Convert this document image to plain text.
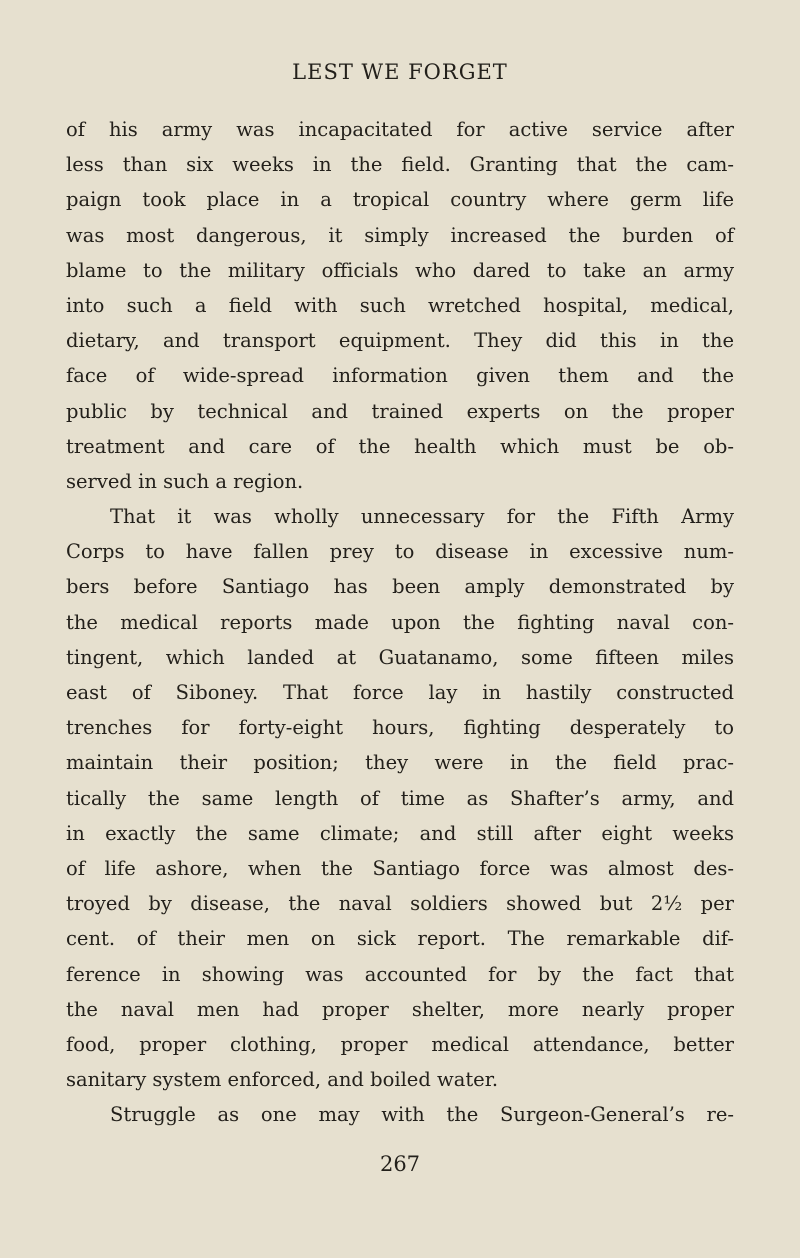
LEST WE FORGET
of his army was incapacitated for active service after
less than six weeks in the field. Granting that the cam-
paign took place in a tropical country where germ life
was most dangerous, it simply increased the burden of
blame to the military officials who dared to take an army
into such a field with such wretched hospital, medical,
dietary, and transport equipment. They did this in the
face of wide-spread information given them and the
public by technical and trained experts on the proper
treatment and care of the health which must be ob-
served in such a region.
That it was wholly unnecessary for the Fifth Army
Corps to have fallen prey to disease in excessive num-
bers before Santiago has been amply demonstrated by
the medical reports made upon the fighting naval con-
tingent, which landed at Guatanamo, some fifteen miles
east of Siboney. That force lay in hastily constructed
trenches for forty-eight hours, fighting desperately to
maintain their position; they were in the field prac-
tically the same length of time as Shafter’s army, and
in exactly the same climate; and still after eight weeks
of life ashore, when the Santiago force was almost des-
troyed by disease, the naval soldiers showed but 2½ per
cent. of their men on sick report. The remarkable dif-
ference in showing was accounted for by the fact that
the naval men had proper shelter, more nearly proper
food, proper clothing, proper medical attendance, better
sanitary system enforced, and boiled water.
Struggle as one may with the Surgeon-General’s re-
267
